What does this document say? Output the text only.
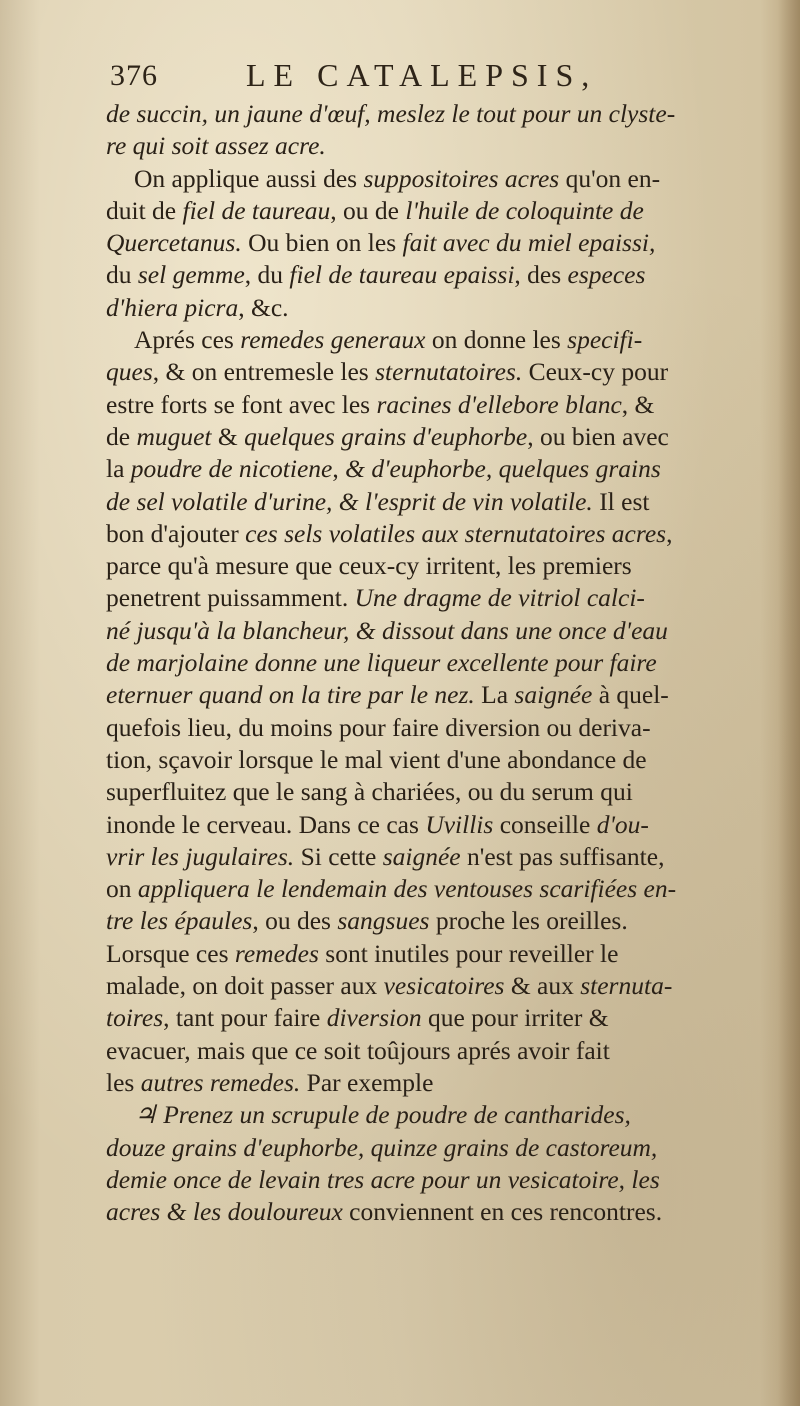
376	LE CATALEPSIS,
de succin, un jaune d'œuf, meslez le tout pour un clyste-
re qui soit assez acre.
On applique aussi des suppositoires acres qu'on en-
duit de fiel de taureau, ou de l'huile de coloquinte de
Quercetanus. Ou bien on les fait avec du miel epaissi,
du sel gemme, du fiel de taureau epaissi, des especes
d'hiera picra, &c.
Aprés ces remedes generaux on donne les specifi-
ques, & on entremesle les sternutatoires. Ceux-cy pour
estre forts se font avec les racines d'ellebore blanc, &
de muguet & quelques grains d'euphorbe, ou bien avec
la poudre de nicotiene, & d'euphorbe, quelques grains
de sel volatile d'urine, & l'esprit de vin volatile. Il est
bon d'ajouter ces sels volatiles aux sternutatoires acres,
parce qu'à mesure que ceux-cy irritent, les premiers
penetrent puissamment. Une dragme de vitriol calci-
né jusqu'à la blancheur, & dissout dans une once d'eau
de marjolaine donne une liqueur excellente pour faire
eternuer quand on la tire par le nez. La saignée à quel-
quefois lieu, du moins pour faire diversion ou deriva-
tion, sçavoir lorsque le mal vient d'une abondance de
superfluitez que le sang à chariées, ou du serum qui
inonde le cerveau. Dans ce cas Uvillis conseille d'ou-
vrir les jugulaires. Si cette saignée n'est pas suffisante,
on appliquera le lendemain des ventouses scarifiées en-
tre les épaules, ou des sangsues proche les oreilles.
Lorsque ces remedes sont inutiles pour reveiller le
malade, on doit passer aux vesicatoires & aux sternuta-
toires, tant pour faire diversion que pour irriter &
evacuer, mais que ce soit toûjours aprés avoir fait
les autres remedes. Par exemple
♃ Prenez un scrupule de poudre de cantharides,
douze grains d'euphorbe, quinze grains de castoreum,
demie once de levain tres acre pour un vesicatoire, les
acres & les douloureux conviennent en ces rencontres.
